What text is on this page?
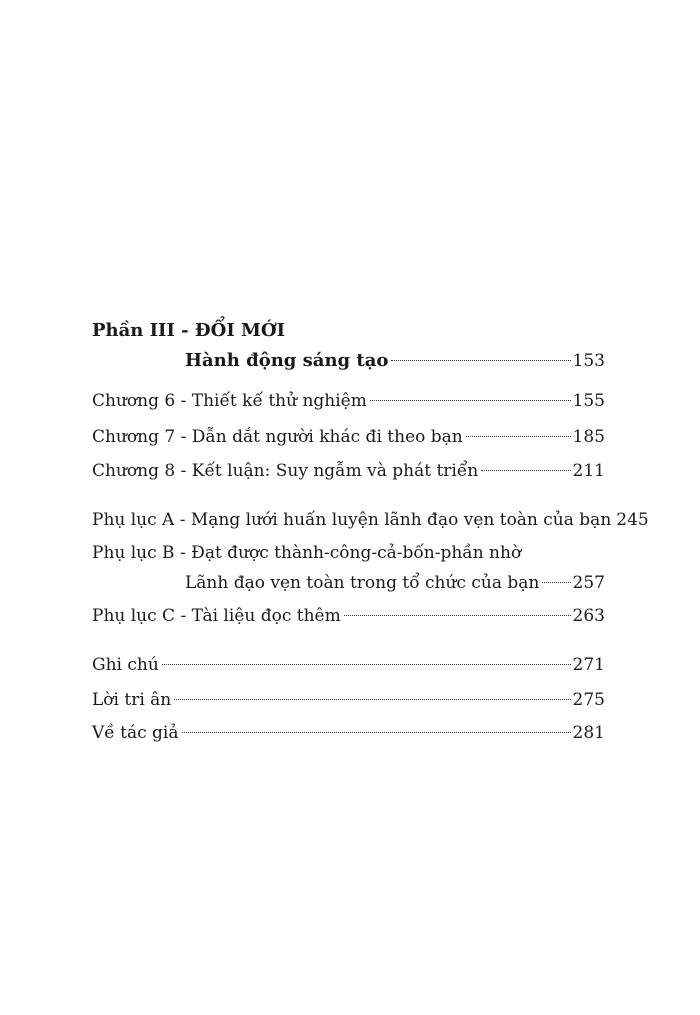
Phần III - ĐỔI MỚI
Hành động sáng tạo	153
Chương 6 - Thiết kế thử nghiệm	155
Chương 7 - Dẫn dắt người khác đi theo bạn	185
Chương 8 - Kết luận: Suy ngẫm và phát triển	211
Phụ lục A - Mạng lưới huấn luyện lãnh đạo vẹn toàn của bạn 245
Phụ lục B - Đạt được thành-công-cả-bốn-phần nhờ
Lãnh đạo vẹn toàn trong tổ chức của bạn 257
Phụ lục C - Tài liệu đọc thêm	263
Ghi chú	271
Lời tri ân	275
Về tác giả	281
